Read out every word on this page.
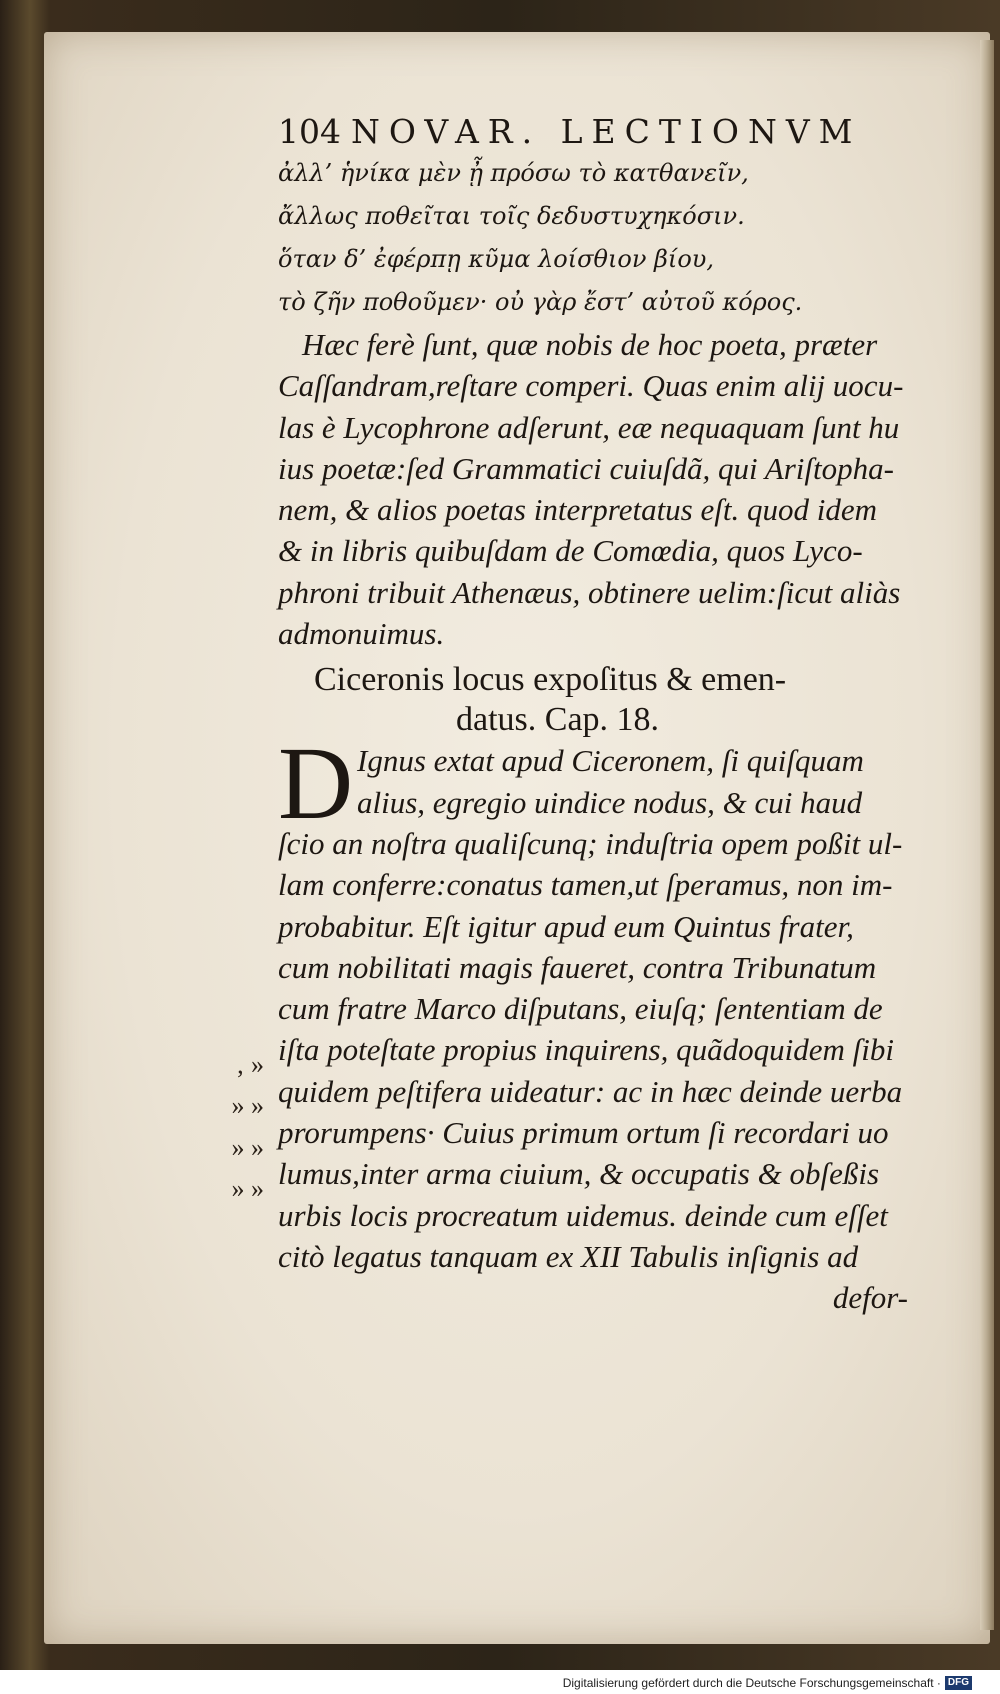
104 NOVAR. LECTIONVM
ἀλλ’ ἡνίκα μὲν ᾖ πρόσω τὸ κατθανεῖν,
ἄλλως ποθεῖται τοῖς δεδυστυχηκόσιν.
ὅταν δ’ ἐφέρπῃ κῦμα λοίσθιον βίου,
τὸ ζῆν ποθοῦμεν· οὐ γὰρ ἔστ’ αὐτοῦ κόρος.
Hæc ferè ſunt, quæ nobis de hoc poeta, præter
Caſſandram,reſtare comperi. Quas enim alij uocu-
las è Lycophrone adſerunt, eæ nequaquam ſunt hu
ius poetæ:ſed Grammatici cuiuſdã, qui Ariſtopha-
nem, & alios poetas interpretatus eſt. quod idem
& in libris quibuſdam de Comœdia, quos Lyco-
phroni tribuit Athenæus, obtinere uelim:ſicut aliàs
admonuimus.
Ciceronis locus expoſitus & emen-
datus. Cap. 18.
D Ignus extat apud Ciceronem, ſi quiſquam
alius, egregio uindice nodus, & cui haud
ſcio an noſtra qualiſcunq; induſtria opem poßit ul-
lam conferre:conatus tamen,ut ſperamus, non im-
probabitur. Eſt igitur apud eum Quintus frater,
cum nobilitati magis faueret, contra Tribunatum
cum fratre Marco diſputans, eiuſq; ſententiam de
iſta poteſtate propius inquirens, quãdoquidem ſibi
quidem peſtifera uideatur: ac in hæc deinde uerba
prorumpens· Cuius primum ortum ſi recordari uo
lumus,inter arma ciuium, & occupatis & obſeßis
urbis locis procreatum uidemus. deinde cum eſſet
citò legatus tanquam ex XII Tabulis inſignis ad
defor-
‚ »
» »
» »
» »
Digitalisierung gefördert durch die Deutsche Forschungsgemeinschaft · DFG
